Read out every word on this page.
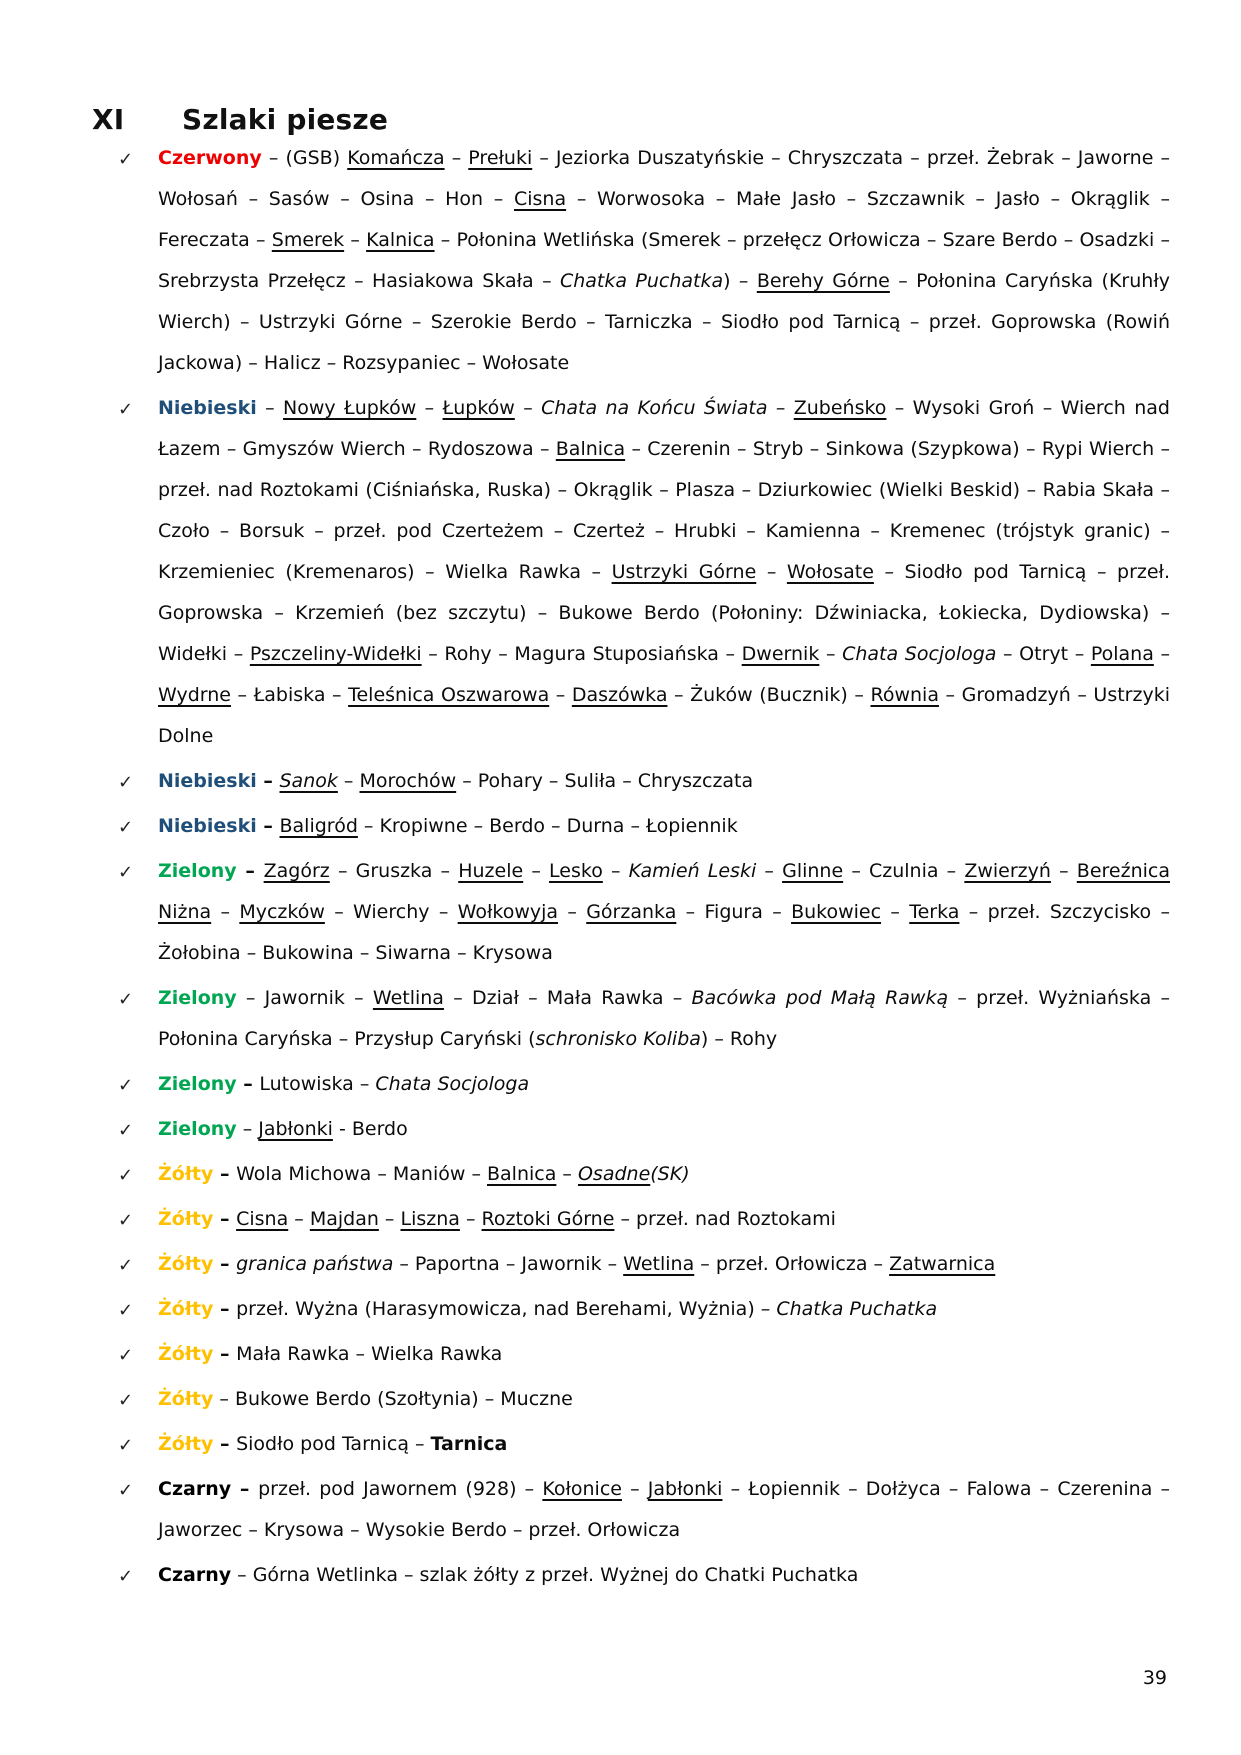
XI Szlaki piesze
✓ Czerwony – (GSB) Komańcza – Prełuki – Jeziorka Duszatyńskie – Chryszczata – przeł. Żebrak – Jaworne – Wołosań – Sasów – Osina – Hon – Cisna – Worwosoka – Małe Jasło – Szczawnik – Jasło – Okrąglik – Fereczata – Smerek – Kalnica – Połonina Wetlińska (Smerek – przełęcz Orłowicza – Szare Berdo – Osadzki – Srebrzysta Przełęcz – Hasiakowa Skała – Chatka Puchatka) – Berehy Górne – Połonina Caryńska (Kruhły Wierch) – Ustrzyki Górne – Szerokie Berdo – Tarniczka – Siodło pod Tarnicą – przeł. Goprowska (Rowiń Jackowa) – Halicz – Rozsypaniec – Wołosate
✓ Niebieski – Nowy Łupków – Łupków – Chata na Końcu Świata – Zubeńsko – Wysoki Groń – Wierch nad Łazem – Gmyszów Wierch – Rydoszowa – Balnica – Czerenin – Stryb – Sinkowa (Szypkowa) – Rypi Wierch – przeł. nad Roztokami (Ciśniańska, Ruska) – Okrąglik – Plasza – Dziurkowiec (Wielki Beskid) – Rabia Skała – Czoło – Borsuk – przeł. pod Czerteżem – Czerteż – Hrubki – Kamienna – Kremenec (trójstyk granic) – Krzemieniec (Kremenaros) – Wielka Rawka – Ustrzyki Górne – Wołosate – Siodło pod Tarnicą – przeł. Goprowska – Krzemień (bez szczytu) – Bukowe Berdo (Połoniny: Dźwiniacka, Łokiecka, Dydiowska) – Widełki – Pszczeliny-Widełki – Rohy – Magura Stuposiańska – Dwernik – Chata Socjologa – Otryt – Polana – Wydrne – Łabiska – Teleśnica Oszwarowa – Daszówka – Żuków (Bucznik) – Równia – Gromadzyń – Ustrzyki Dolne
✓ Niebieski – Sanok – Morochów – Pohary – Suliła – Chryszczata
✓ Niebieski – Baligród – Kropiwne – Berdo – Durna – Łopiennik
✓ Zielony – Zagórz – Gruszka – Huzele – Lesko – Kamień Leski – Glinne – Czulnia – Zwierzyń – Bereźnica Niżna – Myczków – Wierchy – Wołkowyja – Górzanka – Figura – Bukowiec – Terka – przeł. Szczycisko – Żołobina – Bukowina – Siwarna – Krysowa
✓ Zielony – Jawornik – Wetlina – Dział – Mała Rawka – Bacówka pod Małą Rawką – przeł. Wyżniańska – Połonina Caryńska – Przysłup Caryński (schronisko Koliba) – Rohy
✓ Zielony – Lutowiska – Chata Socjologa
✓ Zielony – Jabłonki - Berdo
✓ Żółty – Wola Michowa – Maniów – Balnica – Osadne(SK)
✓ Żółty – Cisna – Majdan – Liszna – Roztoki Górne – przeł. nad Roztokami
✓ Żółty – granica państwa – Paportna – Jawornik – Wetlina – przeł. Orłowicza – Zatwarnica
✓ Żółty – przeł. Wyżna (Harasymowicza, nad Berehami, Wyżnia) – Chatka Puchatka
✓ Żółty – Mała Rawka – Wielka Rawka
✓ Żółty – Bukowe Berdo (Szołtynia) – Muczne
✓ Żółty – Siodło pod Tarnicą – Tarnica
✓ Czarny – przeł. pod Jawornem (928) – Kołonice – Jabłonki – Łopiennik – Dołżyca – Falowa – Czerenina – Jaworzec – Krysowa – Wysokie Berdo – przeł. Orłowicza
✓ Czarny – Górna Wetlinka – szlak żółty z przeł. Wyżnej do Chatki Puchatka
39
